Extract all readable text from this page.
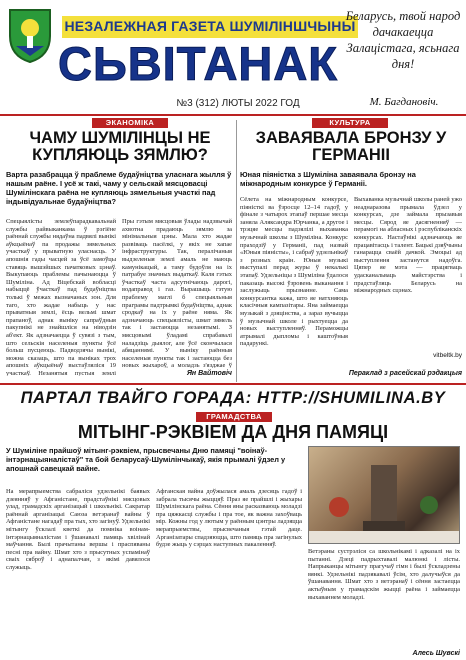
НЕЗАЛЕЖНАЯ ГАЗЕТА ШУМІЛІНШЧЫНЫ
СЬВІТАНАК
№3 (312) ЛЮТЫ 2022 ГОД
Беларусь, твой народ дачакаецца Залацістага, ясьнага дня!
М. Багдановіч.
ЭКАНОМІКА
ЧАМУ ШУМІЛІНЦЫ НЕ КУПЛЯЮЦЬ ЗЯМЛЮ?
Варта разабрацца ў праблеме будаўніцтва уласнага жылля ў нашым раёне. І усё ж такі, чаму у сельскай мясцовасці Шумілінскага раёна не купляюць зямельныя участкі пад індывідуальнае будаўніцтва?
Спецыялісты землеўпарадкавальнай службы райвыканкама ў рэгіёне раённай службы нядаўна падвялі вынікі аўкцыёнаў па продажы зямельных участкаў у прыватную уласнасць. У апошнія гады часцей за ўсё замоўцы ставяць вышэйшых пачатковых цэнаў. Выкупаюць праблемы пачынаюцца ў Шуміліна. Ад Віцебскай вобласці набыццё ўчасткаў пад будаўніцтва толькі ў межах вызначаных зон. Для таго, хто жадае набыць у нас прыватныя землі, ёсць вельмі шмат прапаноў, аднак выніку сапраўдныя пакупнікі не знайшліся на ніводзін аб'ект. Як адзначаецца ў сувязі з тым, што сельскія населеныя пункты ўсё больш пусцеюць. Падводзячы вынікі, можна сказаць, што па выніках трох апошніх аўкцыёнаў выстаўляліся 19 участкаў. Незанятыя пустыя землі
Пры гэтым мясцовыя ўлады надзвычай ахвотна прадаюць зямлю за мінімальныя цэны. Мала хто жадае развіваць пасёлкі, у якіх не хапае інфраструктуры. Так, пералічаныя выдзеленыя землі амаль не маюць камунікацый, а таму будоўля на іх патрабуе значных выдаткаў. Каля гэтых ўчасткаў часта адсутнічаюць дарогі, водаправод і газ. Вырашыць гэтую праблему маглі б спецыяльныя праграмы падтрымкі будаўніцтва, аднак сродкаў на іх у раёне няма. Як адзначаюць спецыялісты, шмат зямель так і застаюцца незанятымі. З мясцовымі ўладамі спрабавалі наладзіць дыялог, але ўсё скончылася абяцаннямі. У выніку раённыя населеныя пункты так і застаюцца без новых жыхароў, а моладзь з'язджае ў
Ян Вайтовіч
КУЛЬТУРА
ЗАВАЯВАЛА БРОНЗУ У ГЕРМАНІІ
Юная піяністка з Шуміліна заваявала бронзу на міжнародным конкурсе ў Германіі.
Сёлета на міжнародным конкурсе, піяністкі ва ўзросце 12–14 гадоў, у фінале з чатырох этапаў першае месца заняла Аляксандра Юрчанка, а другое і трэцяе месцы падзялілі выхаванка музычнай школы з Шуміліна. Конкурс праходзіў у Германіі, пад назвай «Юныя піяністы», і сабраў удзельнікаў з розных краін. Юныя музыкі выступалі перад журы ў некалькі этапаў. Удзельніцы з Шуміліна ўдалося паказаць высокі ўзровень выканання і заслужыць прызнанне. Сама конкурсантка кажа, што яе натхняюць класічныя кампазітары. Яна займаецца музыкай з дзяцінства, а зараз вучыцца ў музычнай школе і рыхтуецца да новых выступленняў. Пераможцы атрымалі дыпломы і каштоўныя падарункі.
Выхаванка музычнай школы раней ужо неаднаразова прымала ўдзел у конкурсах, дзе займала прызавыя месцы. Сярод яе дасягненняў — перамогі на абласных і рэспубліканскіх конкурсах. Настаўнікі адзначаюць яе працавітасць і талент. Бацькі дзяўчыны ганарацца сваёй дачкой. Эмоцыі ад выступлення застанутся надоўга. Цяпер яе мэта — працягваць удасканальваць майстэрства і прадстаўляць Беларусь на міжнародных сцэнах.
vitbeltk.by
Пераклад з расейскай рэдакцыя
ПАРТАЛ ТВАЙГО ГОРАДА: HTTP://SHUMILINA.BY
ГРАМАДСТВА
МІТЫНГ-РЭКВІЕМ ДА ДНЯ ПАМЯЦІ
У Шуміліне прайшоў мітынг-рэквіем, прысвечаны Дню памяці "воінаў-інтэрнацыяналістаў" та бой беларусаў-Шумілінчыкаў, якія прымалі ўдзел у апошнай савецкай вайне.
На мерапрыемства сабраліся удзельнікі баявых дзеянняў у Афганістане, прадстаўнікі мясцовых улад, грамадскіх арганізацый і школьнікі. Сакратар раённай арганізацыі Саюза ветэранаў вайны ў Афганістане нагадаў пра тых, хто загінуў. Удзельнікі мітынгу ўсклалі кветкі да помніка воінам-інтэрнацыяналістам і ўшанавалі памяць хвілінай маўчання. Былі прачытаны вершы і праспяваны песні пра вайну. Шмат хто з прысутных успамінаў сваіх сяброў і аднапалчан, з якімі давялося служыць.
Афганская вайна доўжылася амаль дзесяць гадоў і забрала тысячы жыццяў. Праз яе прайшлі і жыхары Шумілінскага раёна. Сёння яны расказваюць моладзі пра цяжкасці службы і пра тое, як важна захоўваць мір. Кожны год у лютым у раённым цэнтры ладзяцца мерапрыемствы, прысвечаныя гэтай даце. Арганізатары спадзяюцца, што памяць пра загінулых будзе жыць у сэрцах наступных пакаленняў.
Ветэраны сустрэліся са школьнікамі і адказалі на іх пытанні. Дзеці падрыхтавалі малюнкі і лісты. Напрыканцы мітынгу прагучаў гімн і былі ўскладзены вянкі. Удзельнікі падзякавалі ўсім, хто далучыўся да ўшанавання. Шмат хто з ветэранаў і сёння застаецца актыўным у грамадскім жыцці раёна і займаецца выхаваннем моладзі.
Алесь Шувскі
